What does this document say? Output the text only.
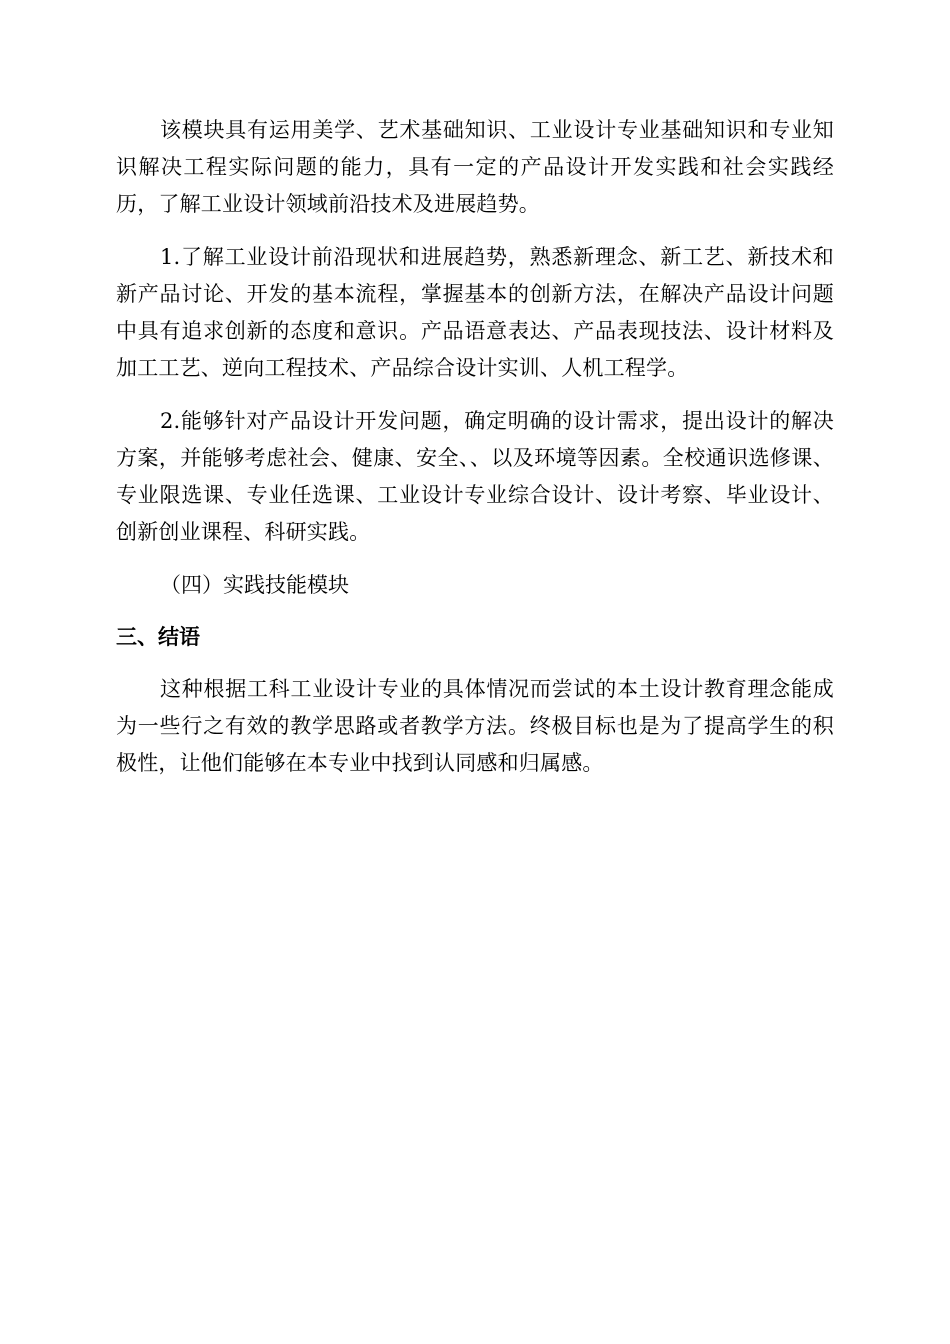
该模块具有运用美学、艺术基础知识、工业设计专业基础知识和专业知识解决工程实际问题的能力，具有一定的产品设计开发实践和社会实践经历，了解工业设计领域前沿技术及进展趋势。

1.了解工业设计前沿现状和进展趋势，熟悉新理念、新工艺、新技术和新产品讨论、开发的基本流程，掌握基本的创新方法，在解决产品设计问题中具有追求创新的态度和意识。产品语意表达、产品表现技法、设计材料及加工工艺、逆向工程技术、产品综合设计实训、人机工程学。

2.能够针对产品设计开发问题，确定明确的设计需求，提出设计的解决方案，并能够考虑社会、健康、安全、、以及环境等因素。全校通识选修课、专业限选课、专业任选课、工业设计专业综合设计、设计考察、毕业设计、创新创业课程、科研实践。

（四）实践技能模块

三、结语

这种根据工科工业设计专业的具体情况而尝试的本土设计教育理念能成为一些行之有效的教学思路或者教学方法。终极目标也是为了提高学生的积极性，让他们能够在本专业中找到认同感和归属感。
